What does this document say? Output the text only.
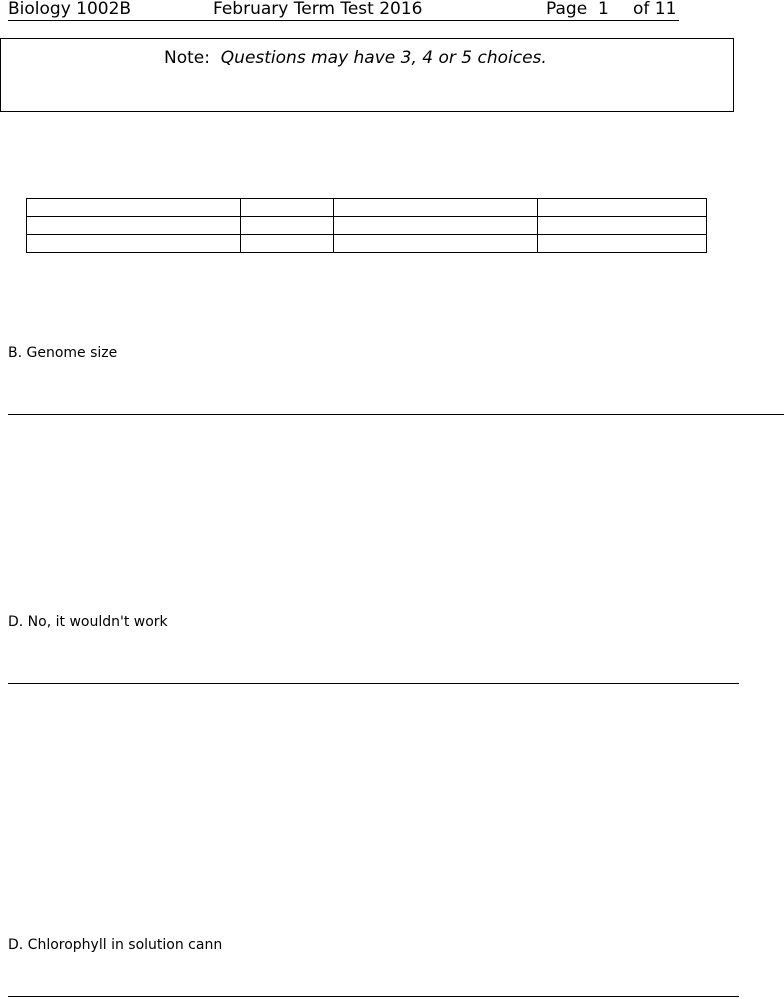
Biology 1002B	February Term Test 2016	Page 1 of 11
Note: Questions may have 3, 4 or 5 choices.

B. Genome size
D. No, it wouldn't work
D. Chlorophyll in solution cann
